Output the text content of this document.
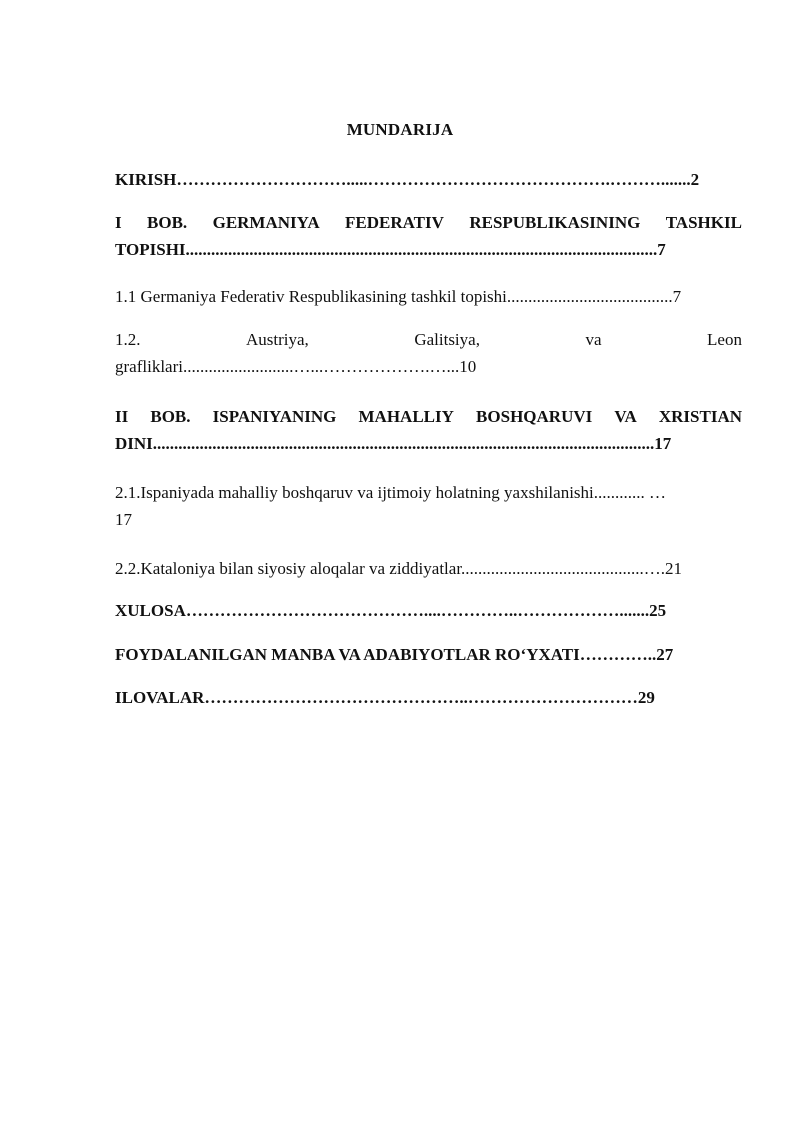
MUNDARIJA
KIRISH………………………….....…………………………………….……….......2
I BOB. GERMANIYA FEDERATIV RESPUBLIKASINING TASHKIL
TOPISHI...............................................................................................................7
1.1 Germaniya Federativ Respublikasining tashkil topishi.......................................7
1.2.	Austriya,	Galitsiya,	va	Leon
grafliklari..........................…...……………….…...10
II BOB. ISPANIYANING MAHALLIY BOSHQARUVI VA XRISTIAN
DINI......................................................................................................................17
2.1.Ispaniyada mahalliy boshqaruv va ijtimoiy holatning yaxshilanishi............ …
17
2.2.Kataloniya bilan siyosiy aloqalar va ziddiyatlar...........................................….21
XULOSA……………………………………....…………..……………….......25
FOYDALANILGAN MANBA VA ADABIYOTLAR RO‘YXATI…………..27
ILOVALAR………………………………………..…………………………29
